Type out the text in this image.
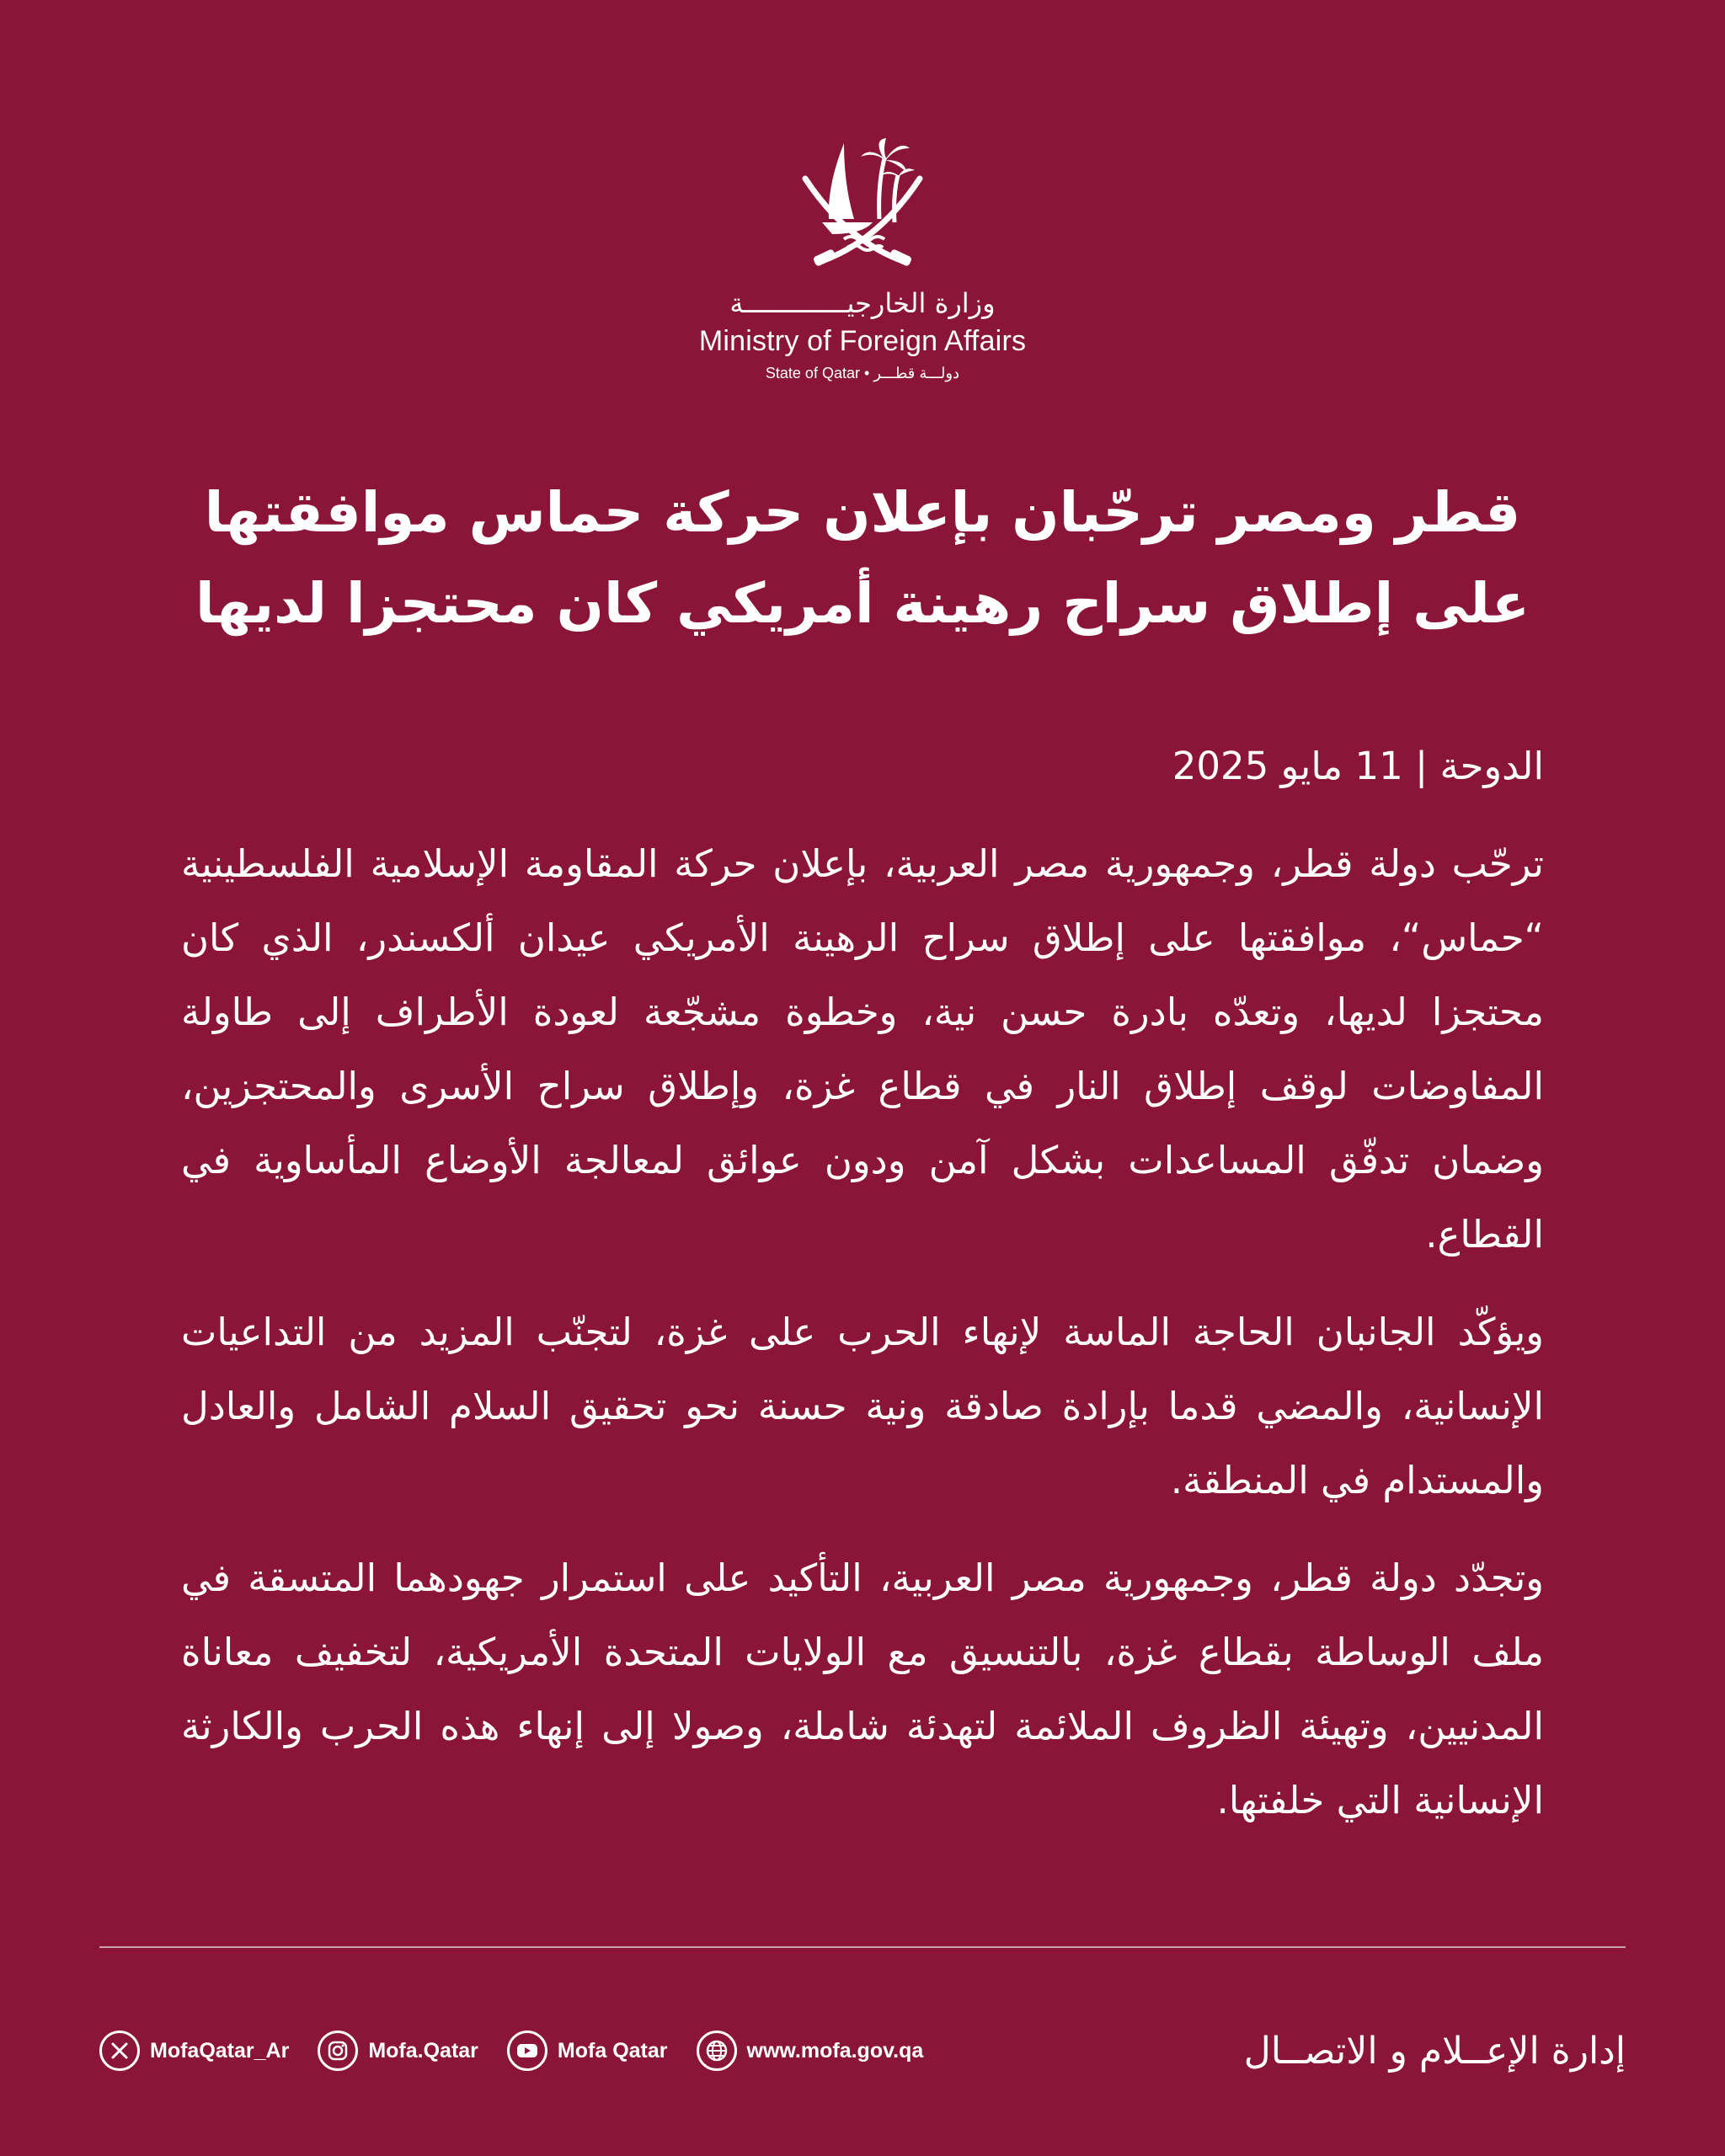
وزارة الخارجيـــــــــــــة
Ministry of Foreign Affairs
State of Qatar • دولـــة قطـــر
قطر ومصر ترحّبان بإعلان حركة حماس موافقتها
على إطلاق سراح رهينة أمريكي كان محتجزا لديها
الدوحة | 11 مايو 2025

ترحّب دولة قطر، وجمهورية مصر العربية، بإعلان حركة المقاومة الإسلامية الفلسطينية “حماس“، موافقتها على إطلاق سراح الرهينة الأمريكي عيدان ألكسندر، الذي كان محتجزا لديها، وتعدّه بادرة حسن نية، وخطوة مشجّعة لعودة الأطراف إلى طاولة المفاوضات لوقف إطلاق النار في قطاع غزة، وإطلاق سراح الأسرى والمحتجزين، وضمان تدفّق المساعدات بشكل آمن ودون عوائق لمعالجة الأوضاع المأساوية في القطاع.

ويؤكّد الجانبان الحاجة الماسة لإنهاء الحرب على غزة، لتجنّب المزيد من التداعيات الإنسانية، والمضي قدما بإرادة صادقة ونية حسنة نحو تحقيق السلام الشامل والعادل والمستدام في المنطقة.

وتجدّد دولة قطر، وجمهورية مصر العربية، التأكيد على استمرار جهودهما المتسقة في ملف الوساطة بقطاع غزة، بالتنسيق مع الولايات المتحدة الأمريكية، لتخفيف معاناة المدنيين، وتهيئة الظروف الملائمة لتهدئة شاملة، وصولا إلى إنهاء هذه الحرب والكارثة الإنسانية التي خلفتها.

MofaQatar_Ar	Mofa.Qatar	Mofa Qatar	www.mofa.gov.qa	إدارة الإعــلام و الاتصــال
